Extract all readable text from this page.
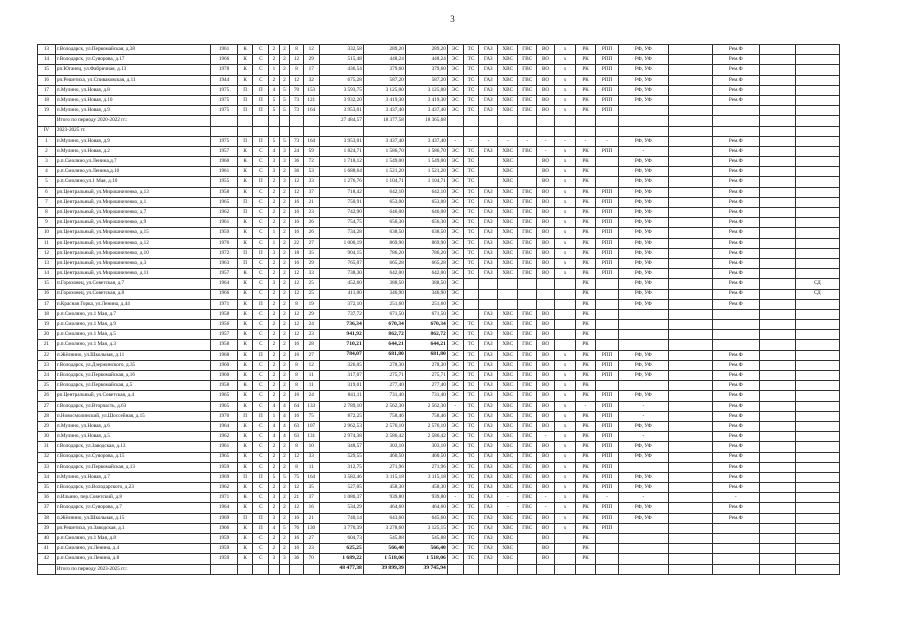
3
13	г.Володарск, ул.Первомайская, д.38	1961	К	С	2	2	8	12	332,58	289,20	289,20	ЭС	ТС	ГАЗ	ХВС	ГВС	ВО	х	РК	РПП	РФ, УФ		Рем.Ф		
14	г.Володарск, ул.Суворова, д.17	1966	К	С	2	2	12	29	515,48	448,24	448,24	ЭС	ТС	ГАЗ	ХВС	ГВС	ВО	х	РК	РПП	РФ, УФ		Рем.Ф		
15	рп.Юганец, ул.Фабричная, д.13	1978	К	С	1	2	8	17	436,54	379,60	379,60	ЭС	ТС	ГАЗ	ХВС	ГВС	ВО	х	РК	РПП	РФ, УФ		Рем.Ф		
16	рп.Решетиха, ул.Спиваковская, д.11	1944	К	С	2	2	12	32	675,28	587,20	587,20	ЭС	ТС	ГАЗ	ХВС	ГВС	ВО	х	РК	РПП	РФ, УФ		Рем.Ф		
17	п.Мулино, ул.Новая, д.8	1975	П	П	4	5	70	153	3 593,75	3 125,00	3 125,00	ЭС	ТС	ГАЗ	ХВС	ГВС	ВО	х	РК	РПП	РФ, УФ		Рем.Ф		
18	п.Мулино, ул.Новая, д.10	1975	П	П	5	5	73	121	3 932,20	3 419,30	3 419,30	ЭС	ТС	ГАЗ	ХВС	ГВС	ВО	х	РК	РПП	РФ, УФ		Рем.Ф		
19	п.Мулино, ул.Новая, д.9	1975	П	П	5	5	73	164	3 953,01	3 437,40	3 437,40	ЭС	ТС	ГАЗ	ХВС	ГВС	ВО	х	РК	РПП					
	Итого по периоду 2020-2022 гг.:								27 484,57	18 377,58	18 365,68														
IV	2023-2025 гг.																								
1	п.Мулино, ул.Новая, д.9	1975	П	П	5	5	73	164	3 953,01	3 437,40	3 437,40	-	-	-	-	-	-	-	-	-	РФ, УФ		Рем.Ф		
2	п.Мулино, ул.Новая, д.2	1957	К	С	4	3	24	59	1 824,71	1 586,70	1 586,70	ЭС	ТС	ГАЗ	ХВС	ГВС	-	х	РК	РПП	-		Рем.Ф		
3	р.п.Смолино,ул.Ленина,д.7	1960	К	С	3	3	36	72	1 718,12	1 549,00	1 549,00	ЭС	ТС		ХВС		ВО	х	РК		РФ, УФ		Рем.Ф		
4	р.п.Смолино,ул.Ленина,д.10	1961	К	С	3	2	36	53	1 688,64	1 521,20	1 521,20	ЭС	ТС		ХВС		ВО	х	РК		РФ, УФ		Рем.Ф		
5	р.п.Смолино,ул.1 Мая, д.10	1955	К	П	2	3	12	33	1 276,76	1 104,71	1 104,71	ЭС	ТС		ХВС		ВО	х	РК		РФ, УФ		Рем.Ф		
6	рп.Центральный, ул.Мирошниченко, д.13	1958	К	С	2	2	12	37	718,42	642,10	642,10	ЭС	ТС	ГАЗ	ХВС	ГВС	ВО	х	РК	РПП	РФ, УФ		Рем.Ф		
7	рп.Центральный, ул.Мирошниченко, д.1	1965	П	С	2	2	16	21	750,91	653,00	653,00	ЭС	ТС	ГАЗ	ХВС	ГВС	ВО	х	РК	РПП	РФ, УФ		Рем.Ф		
8	рп.Центральный, ул.Мирошниченко, д.7	1962	П	С	2	2	16	23	742,90	646,00	646,00	ЭС	ТС	ГАЗ	ХВС	ГВС	ВО	х	РК	РПП	РФ, УФ		Рем.Ф		
9	рп.Центральный, ул.Мирошниченко, д.9	1961	К	С	2	2	16	26	754,75	656,30	656,30	ЭС	ТС	ГАЗ	ХВС	ГВС	ВО	х	РК	РПП	РФ, УФ		Рем.Ф		
10	рп.Центральный, ул.Мирошниченко, д.15	1959	К	С	1	2	16	26	734,28	638,50	638,50	ЭС	ТС	ГАЗ	ХВС	ГВС	ВО	х	РК	РПП	РФ, УФ		Рем.Ф		
11	рп.Центральный, ул.Мирошниченко, д.12	1976	К	С	1	2	22	27	1 000,19	869,90	869,90	ЭС	ТС	ГАЗ	ХВС	ГВС	ВО	х	РК	РПП	РФ, УФ		Рем.Ф		
12	рп.Центральный, ул.Мирошниченко, д.10	1972	П	П	3	2	18	35	904,15	786,20	786,20	ЭС	ТС	ГАЗ	ХВС	ГВС	ВО	х	РК	РПП	РФ, УФ		Рем.Ф		
13	рп.Центральный, ул.Мирошниченко, д.3	1963	П	С	2	2	16	29	765,07	665,28	665,28	ЭС	ТС	ГАЗ	ХВС	ГВС	ВО	х	РК	РПП	РФ, УФ		Рем.Ф		
14	рп.Центральный, ул.Мирошниченко, д.11	1957	К	С	2	2	12	33	738,30	642,00	642,00	ЭС	ТС	ГАЗ	ХВС	ГВС	ВО	х	РК	РПП	РФ, УФ		Рем.Ф		
15	п.Гороховец, ул.Советская, д.7	1964	К	С	3	2	12	25	452,60	388,50	388,50	ЭС							РК		РФ, УФ		Рем.Ф		СД
16	п.Гороховец, ул.Советская, д.8	1966	К	С	2	2	12	25	411,00	346,90	346,90	ЭС							РК		РФ, УФ		Рем.Ф		СД
17	п.Красная Горка, ул.Ленина, д.44	1971	К	П	2	2	8	19	372,10	251,60	251,60	ЭС							РК		РФ, УФ		Рем.Ф		
18	р.п.Смолино, ул.1 Мая, д.7	1958	К	С	2	2	12	29	737,72	671,50	671,50	ЭС		ГАЗ	ХВС	ГВС	ВО		РК						
19	р.п.Смолино, ул.1 Мая, д.9	1956	К	С	2	2	12	24	736,34	670,34	670,34	ЭС	ТС	ГАЗ	ХВС	ГВС	ВО		РК						
20	р.п.Смолино, ул.1 Мая, д.5	1957	К	С	2	2	12	23	941,92	862,72	862,72	ЭС	ТС	ГАЗ	ХВС	ГВС	ВО		РК						
21	р.п.Смолино, ул.1 Мая, д.3	1958	К	С	2	2	16	28	710,21	644,21	644,21	ЭС	ТС	ГАЗ	ХВС	ГВС	ВО		РК						
22	п.Жёлнино, ул.Школьная, д.11	1968	К	П	2	2	16	27	784,07	681,80	681,80	ЭС	ТС	ГАЗ	ХВС	ГВС	ВО	х	РК	РПП	РФ, УФ		Рем.Ф		
23	г.Володарск, ул.Дзержинского, д.35	1960	К	С	2	2	8	12	326,05	278,30	278,30	ЭС	ТС	ГАЗ	ХВС	ГВС	ВО	х	РК	РПП	РФ, УФ		Рем.Ф		
24	г.Володарск, ул.Первомайская, д.16	1960	К	С	2	2	8	11	317,07	275,71	275,71	ЭС	ТС	ГАЗ	ХВС	ГВС	ВО	х	РК	РПП	РФ, УФ		Рем.Ф		
25	г.Володарск, ул.Первомайская, д.5	1958	К	С	2	2	8	11	319,01	277,40	277,40	ЭС	ТС	ГАЗ	ХВС	ГВС	ВО	х	РК				Рем.Ф		
26	рп.Центральный, ул.Советская, д.4	1965	К	С	2	2	16	24	841,11	731,40	731,40	ЭС	ТС	ГАЗ	ХВС	ГВС	ВО	х	РК	РПП	РФ, УФ		Рем.Ф		
27	г.Володарск, ул.Вторчасть, д.63	1965	К	С	4	4	64	133	2 789,10	2 562,30	2 562,30	-	ТС	ГАЗ	ХВС	ГВС	ВО	х	-	РПП	-		Рем.Ф		
28	п.Новосмолинский, ул.Шоссейная, д.15	1970	П	П	1	4	16	75	872,25	758,46	758,46	ЭС	ТС	ГАЗ	ХВС	ГВС	ВО	х	РК	РПП	-		Рем.Ф		
29	п.Мулино, ул.Новая, д.6	1964	К	С	4	4	63	107	2 962,53	2 576,10	2 576,10	ЭС	ТС	ГАЗ	ХВС	ГВС	ВО	х	РК	РПП	РФ, УФ		Рем.Ф		
30	п.Мулино, ул.Новая, д.5	1962	К	С	4	4	63	131	2 974,38	2 586,42	2 586,42	ЭС	ТС	ГАЗ	ХВС	ГВС	-	х	РК	РПП	-		Рем.Ф		
31	г.Володарск, ул.Заводская, д.13	1961	К	С	2	2	8	10	348,57	303,10	303,10	ЭС	ТС	ГАЗ	ХВС	ГВС	ВО	х	РК	РПП	РФ, УФ		Рем.Ф		
32	г.Володарск, ул.Суворова, д.15	1965	К	С	2	2	12	33	529,55	460,50	460,50	ЭС	ТС	ГАЗ	ХВС	ГВС	ВО	х	РК	РПП	РФ, УФ		Рем.Ф		
33	г.Володарск, ул.Первомайская, д.13	1959	К	С	2	2	8	11	312,75	271,96	271,96	ЭС	ТС	ГАЗ	ХВС	ГВС	ВО	х	РК	РПП			Рем.Ф		
34	п.Мулино, ул.Новая, д.7	1969	П	П	5	5	75	164	3 582,46	3 115,18	3 115,18	ЭС	ТС	ГАЗ	ХВС	ГВС	ВО	х	РК	РПП	РФ, УФ		Рем.Ф		
35	г.Володарск, ул.Володарского, д.23	1962	К	С	2	2	12	35	527,05	458,30	458,30	ЭС	ТС	ГАЗ	ХВС	ГВС	ВО	х	РК	РПП	РФ, УФ		Рем.Ф		
36	п.Ильино, пер.Советский, д.8	1971	К	С	3	2	21	37	1 080,37	939,80	939,80	-	ТС	ГАЗ	-	ГВС	-	х	РК	-	-		-		
37	г.Володарск, ул.Суворова, д.7	1964	К	С	2	2	12	16	534,29	464,60	464,60	ЭС	ТС	ГАЗ	-	ГВС	-	х	РК	РПП	РФ, УФ		Рем.Ф		
38	п.Жёлнино, ул.Школьная, д.15	1969	П	П	3	2	16	21	740,14	643,60	645,60	ЭС	ТС	ГАЗ	ХВС	ГВС	ВО	х	РК	РПП	РФ, УФ		Рем.Ф		
39	рп.Решетиха, ул.Заводская, д.1	1966	К	П	4	5	76	130	3 770,39	3 278,60	3 125,15	ЭС	ТС	ГАЗ	ХВС	ГВС	ВО	х	РК	РПП					
40	р.п.Смолино, ул.1 Мая, д.8	1959	К	С	2	2	16	27	604,73	545,88	545,88	ЭС	ТС	ГАЗ	ХВС		ВО		РК						
41	р.п.Смолино, ул.Ленина, д.4	1959	К	С	2	2	16	23	625,25	566,40	566,40	ЭС	ТС	ГАЗ	ХВС		ВО		РК						
42	р.п.Смолино, ул.Ленина, д.8	1959	К	С	3	3	36	70	1 689,22	1 518,06	1 518,06	ЭС	ТС	ГАЗ	ХВС		ВО		РК						
	Итого по периоду 2023-2025 гг.:								48 477,38	39 899,39	39 745,94														
